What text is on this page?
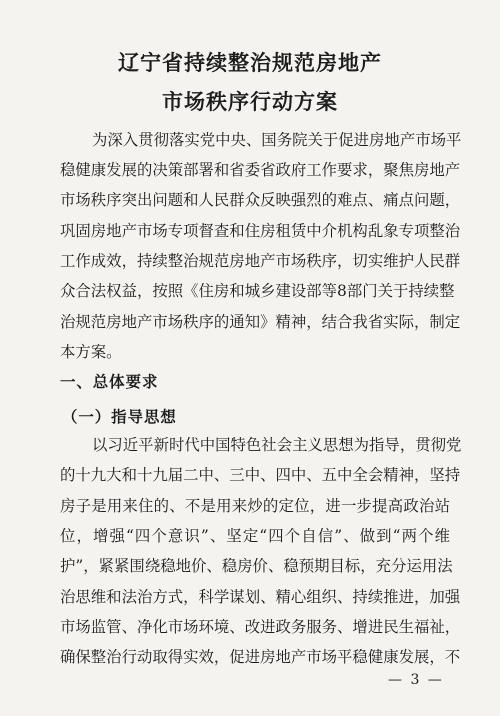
辽宁省持续整治规范房地产
市场秩序行动方案
为深入贯彻落实党中央、国务院关于促进房地产市场平
稳健康发展的决策部署和省委省政府工作要求，聚焦房地产
市场秩序突出问题和人民群众反映强烈的难点、痛点问题，
巩固房地产市场专项督查和住房租赁中介机构乱象专项整治
工作成效，持续整治规范房地产市场秩序，切实维护人民群
众合法权益，按照《住房和城乡建设部等8部门关于持续整
治规范房地产市场秩序的通知》精神，结合我省实际，制定
本方案。
一、总体要求
（一）指导思想
以习近平新时代中国特色社会主义思想为指导，贯彻党
的十九大和十九届二中、三中、四中、五中全会精神，坚持
房子是用来住的、不是用来炒的定位，进一步提高政治站
位，增强“四个意识”、坚定“四个自信”、做到“两个维
护”，紧紧围绕稳地价、稳房价、稳预期目标，充分运用法
治思维和法治方式，科学谋划、精心组织、持续推进，加强
市场监管、净化市场环境、改进政务服务、增进民生福祉，
确保整治行动取得实效，促进房地产市场平稳健康发展，不
— 3 —
